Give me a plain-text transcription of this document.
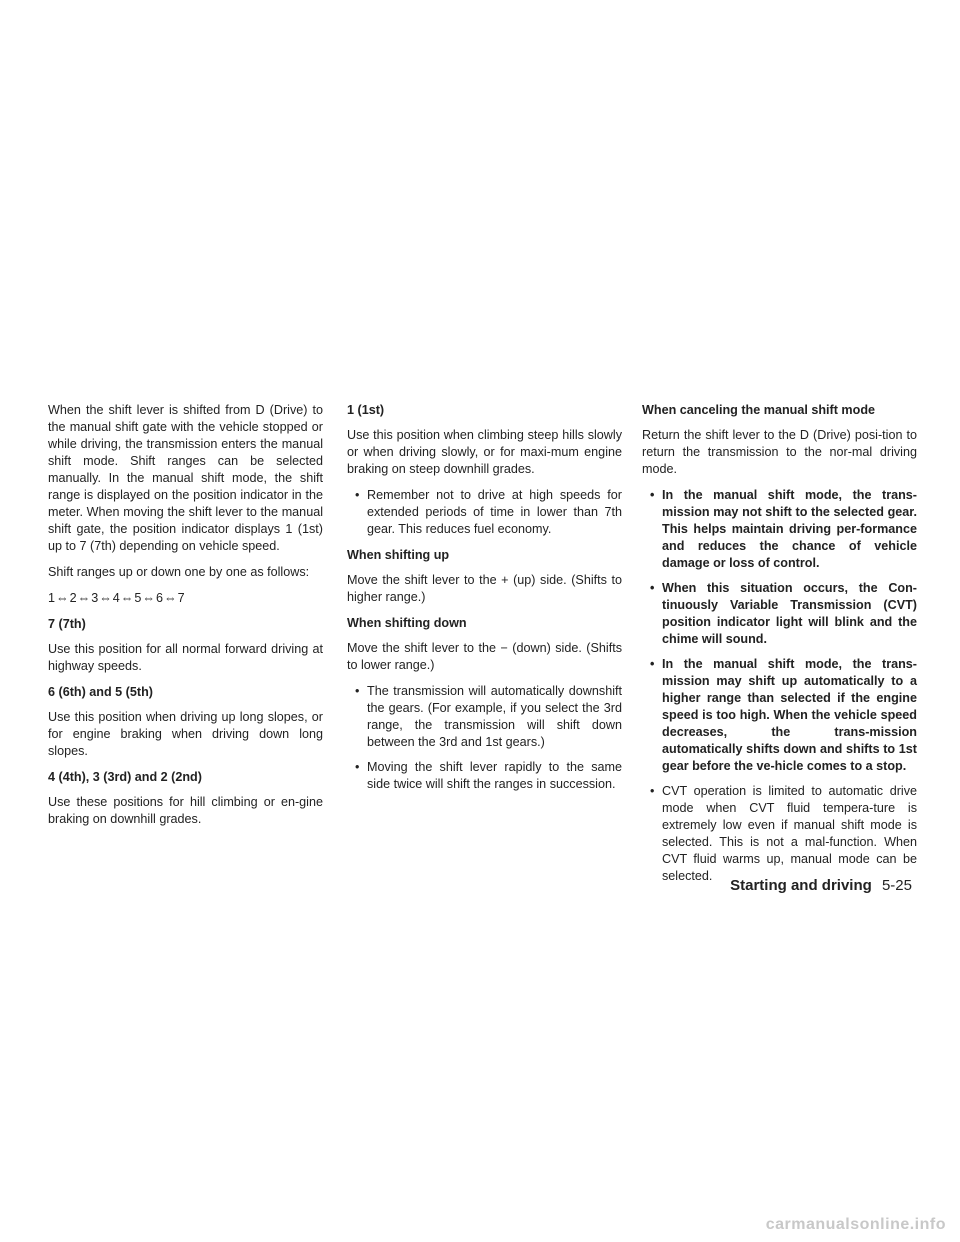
When the shift lever is shifted from D (Drive) to the manual shift gate with the vehicle stopped or while driving, the transmission enters the manual shift mode. Shift ranges can be selected manually. In the manual shift mode, the shift range is displayed on the position indicator in the meter. When moving the shift lever to the manual shift gate, the position indicator displays 1 (1st) up to 7 (7th) depending on vehicle speed.

Shift ranges up or down one by one as follows:

1⇔2⇔3⇔4⇔5⇔6⇔7

7 (7th)

Use this position for all normal forward driving at highway speeds.

6 (6th) and 5 (5th)

Use this position when driving up long slopes, or for engine braking when driving down long slopes.

4 (4th), 3 (3rd) and 2 (2nd)

Use these positions for hill climbing or en-gine braking on downhill grades.

1 (1st)

Use this position when climbing steep hills slowly or when driving slowly, or for maxi-mum engine braking on steep downhill grades.

• Remember not to drive at high speeds for extended periods of time in lower than 7th gear. This reduces fuel economy.
When shifting up

Move the shift lever to the + (up) side. (Shifts to higher range.)

When shifting down

Move the shift lever to the − (down) side. (Shifts to lower range.)

• The transmission will automatically downshift the gears. (For example, if you select the 3rd range, the transmission will shift down between the 3rd and 1st gears.)
• Moving the shift lever rapidly to the same side twice will shift the ranges in succession.
When canceling the manual shift mode

Return the shift lever to the D (Drive) posi-tion to return the transmission to the nor-mal driving mode.

• In the manual shift mode, the trans-mission may not shift to the selected gear. This helps maintain driving per-formance and reduces the chance of vehicle damage or loss of control.
• When this situation occurs, the Con-tinuously Variable Transmission (CVT) position indicator light will blink and the chime will sound.
• In the manual shift mode, the trans-mission may shift up automatically to a higher range than selected if the engine speed is too high. When the vehicle speed decreases, the trans-mission automatically shifts down and shifts to 1st gear before the ve-hicle comes to a stop.
• CVT operation is limited to automatic drive mode when CVT fluid tempera-ture is extremely low even if manual shift mode is selected. This is not a mal-function. When CVT fluid warms up, manual mode can be selected.
Starting and driving 5-25
carmanualsonline.info
